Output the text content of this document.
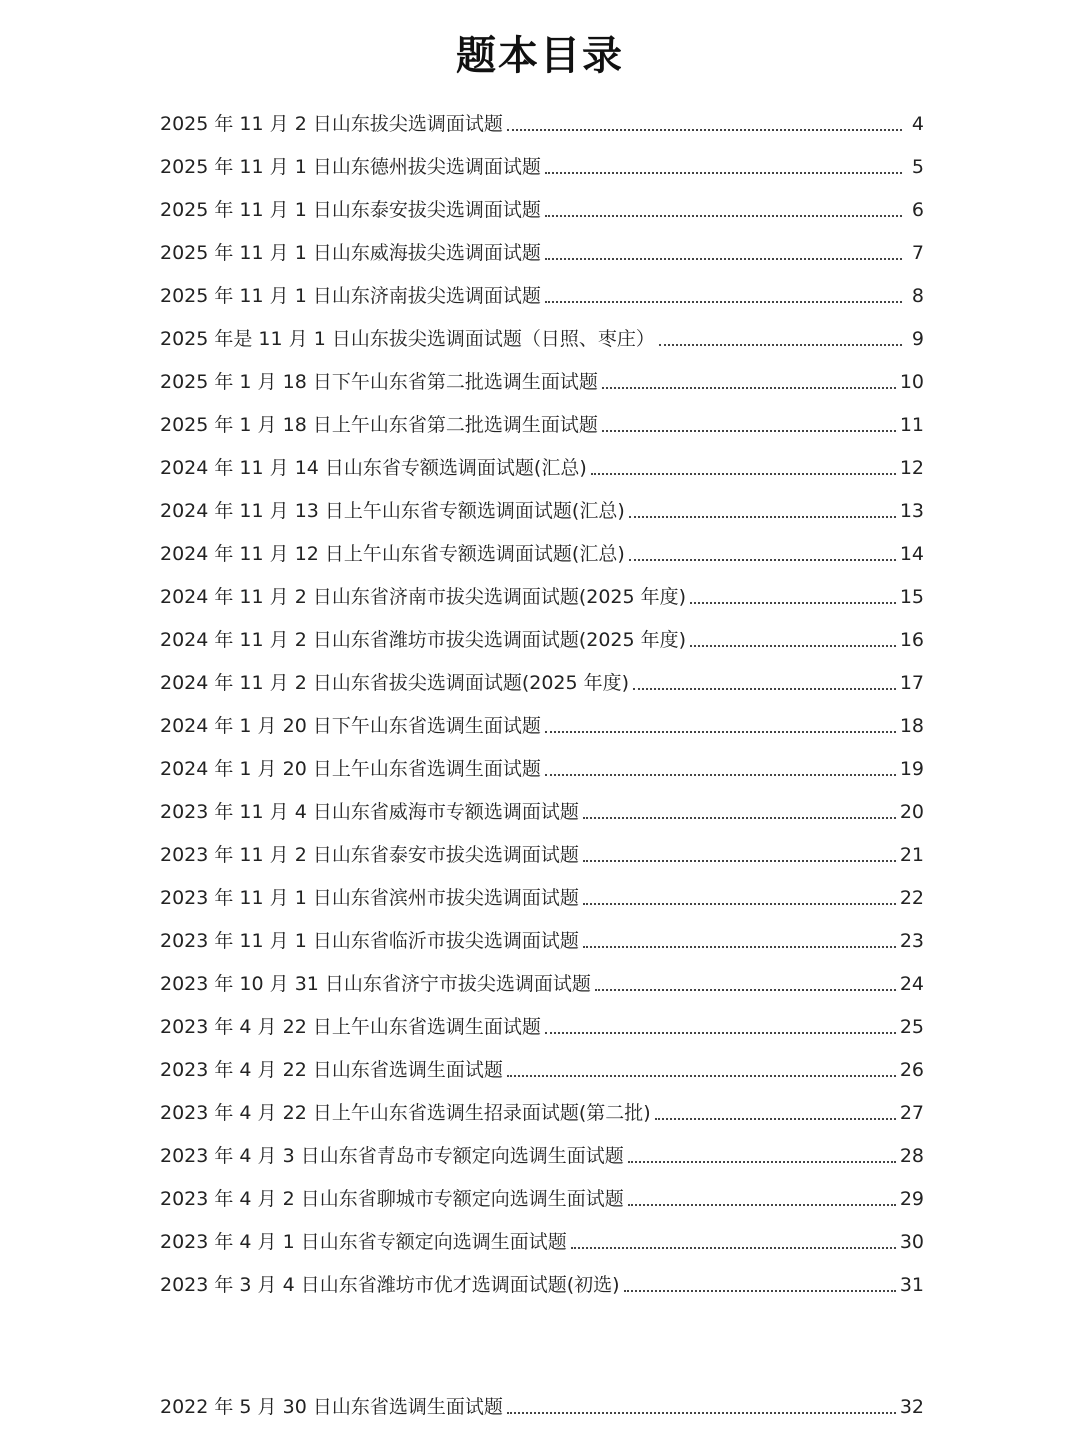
题本目录
2025 年 11 月 2 日山东拔尖选调面试题	4
2025 年 11 月 1 日山东德州拔尖选调面试题	5
2025 年 11 月 1 日山东泰安拔尖选调面试题	6
2025 年 11 月 1 日山东威海拔尖选调面试题	7
2025 年 11 月 1 日山东济南拔尖选调面试题	8
2025 年是 11 月 1 日山东拔尖选调面试题（日照、枣庄）	9
2025 年 1 月 18 日下午山东省第二批选调生面试题	10
2025 年 1 月 18 日上午山东省第二批选调生面试题	11
2024 年 11 月 14 日山东省专额选调面试题(汇总)	12
2024 年 11 月 13 日上午山东省专额选调面试题(汇总)	13
2024 年 11 月 12 日上午山东省专额选调面试题(汇总)	14
2024 年 11 月 2 日山东省济南市拔尖选调面试题(2025 年度)	15
2024 年 11 月 2 日山东省潍坊市拔尖选调面试题(2025 年度)	16
2024 年 11 月 2 日山东省拔尖选调面试题(2025 年度)	17
2024 年 1 月 20 日下午山东省选调生面试题	18
2024 年 1 月 20 日上午山东省选调生面试题	19
2023 年 11 月 4 日山东省威海市专额选调面试题	20
2023 年 11 月 2 日山东省泰安市拔尖选调面试题	21
2023 年 11 月 1 日山东省滨州市拔尖选调面试题	22
2023 年 11 月 1 日山东省临沂市拔尖选调面试题	23
2023 年 10 月 31 日山东省济宁市拔尖选调面试题	24
2023 年 4 月 22 日上午山东省选调生面试题	25
2023 年 4 月 22 日山东省选调生面试题	26
2023 年 4 月 22 日上午山东省选调生招录面试题(第二批)	27
2023 年 4 月 3 日山东省青岛市专额定向选调生面试题	28
2023 年 4 月 2 日山东省聊城市专额定向选调生面试题	29
2023 年 4 月 1 日山东省专额定向选调生面试题	30
2023 年 3 月 4 日山东省潍坊市优才选调面试题(初选)	31
2022 年 5 月 30 日山东省选调生面试题	32
